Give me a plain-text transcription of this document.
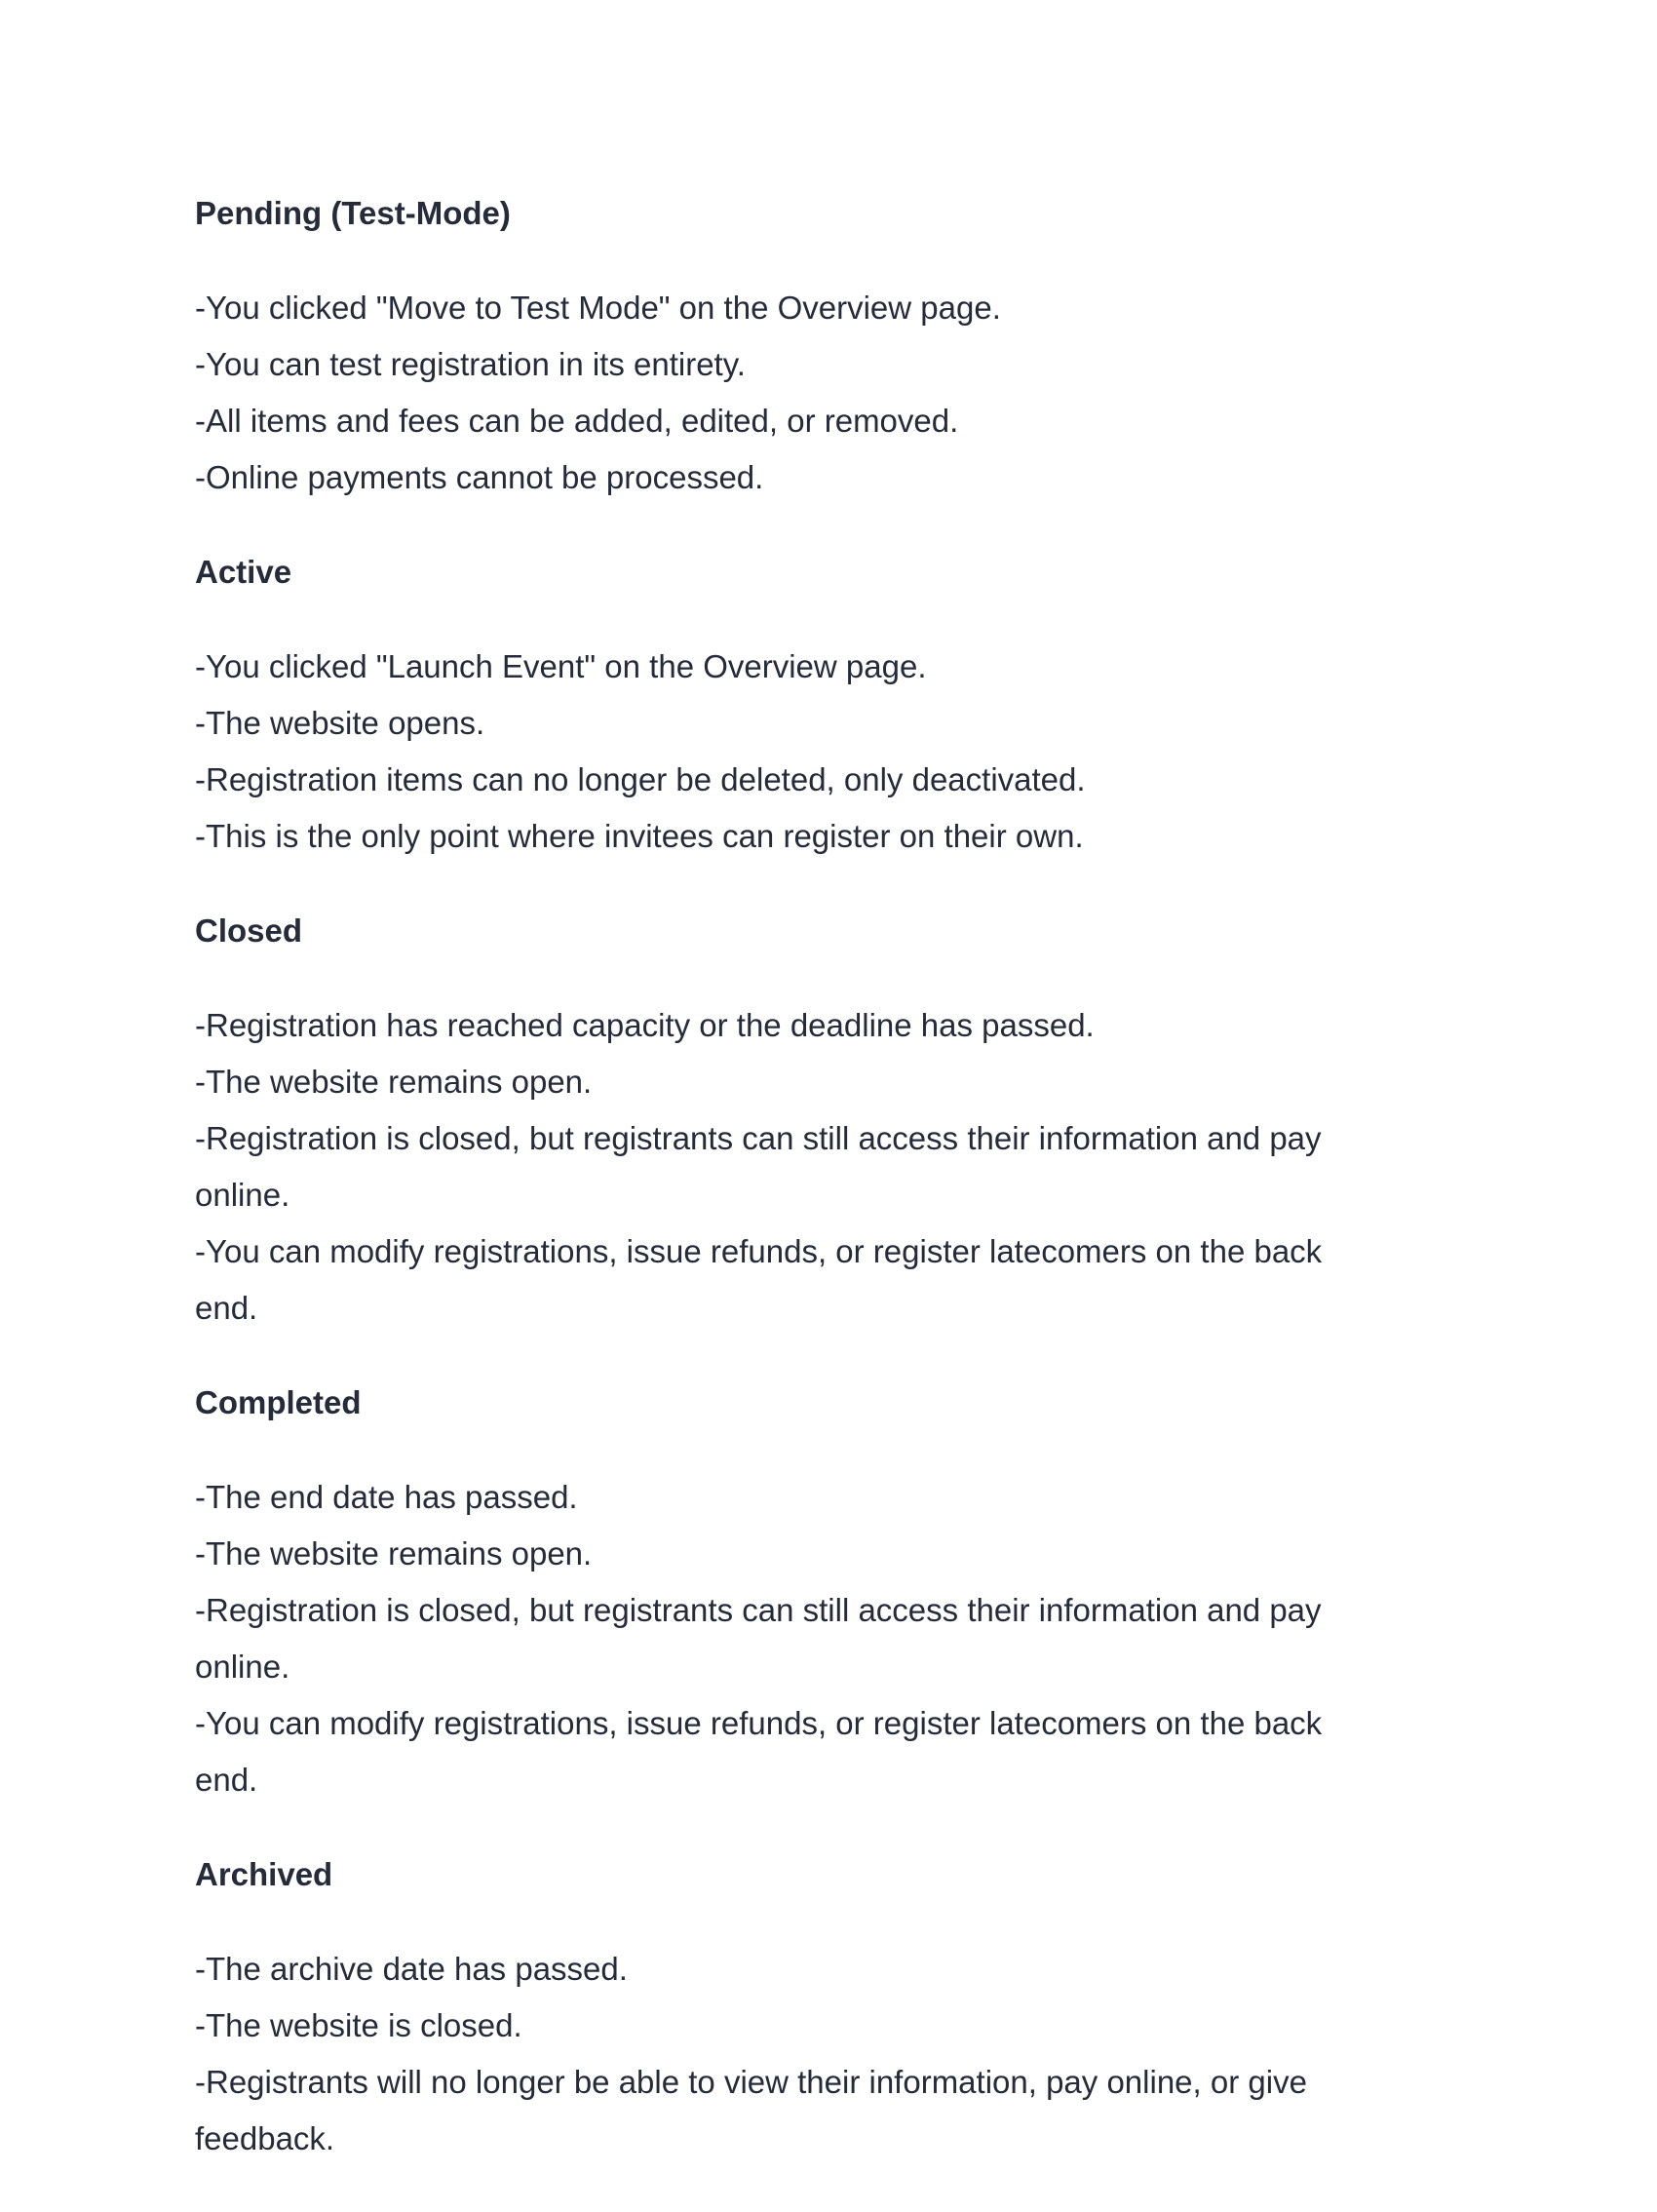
Pending (Test-Mode)

-You clicked "Move to Test Mode" on the Overview page.

-You can test registration in its entirety.

-All items and fees can be added, edited, or removed.

-Online payments cannot be processed.

Active

-You clicked "Launch Event" on the Overview page.

-The website opens.

-Registration items can no longer be deleted, only deactivated.

-This is the only point where invitees can register on their own.

Closed

-Registration has reached capacity or the deadline has passed.

-The website remains open.

-Registration is closed, but registrants can still access their information and pay online.

-You can modify registrations, issue refunds, or register latecomers on the back end.

Completed

-The end date has passed.

-The website remains open.

-Registration is closed, but registrants can still access their information and pay online.

-You can modify registrations, issue refunds, or register latecomers on the back end.

Archived

-The archive date has passed.

-The website is closed.

-Registrants will no longer be able to view their information, pay online, or give feedback.
